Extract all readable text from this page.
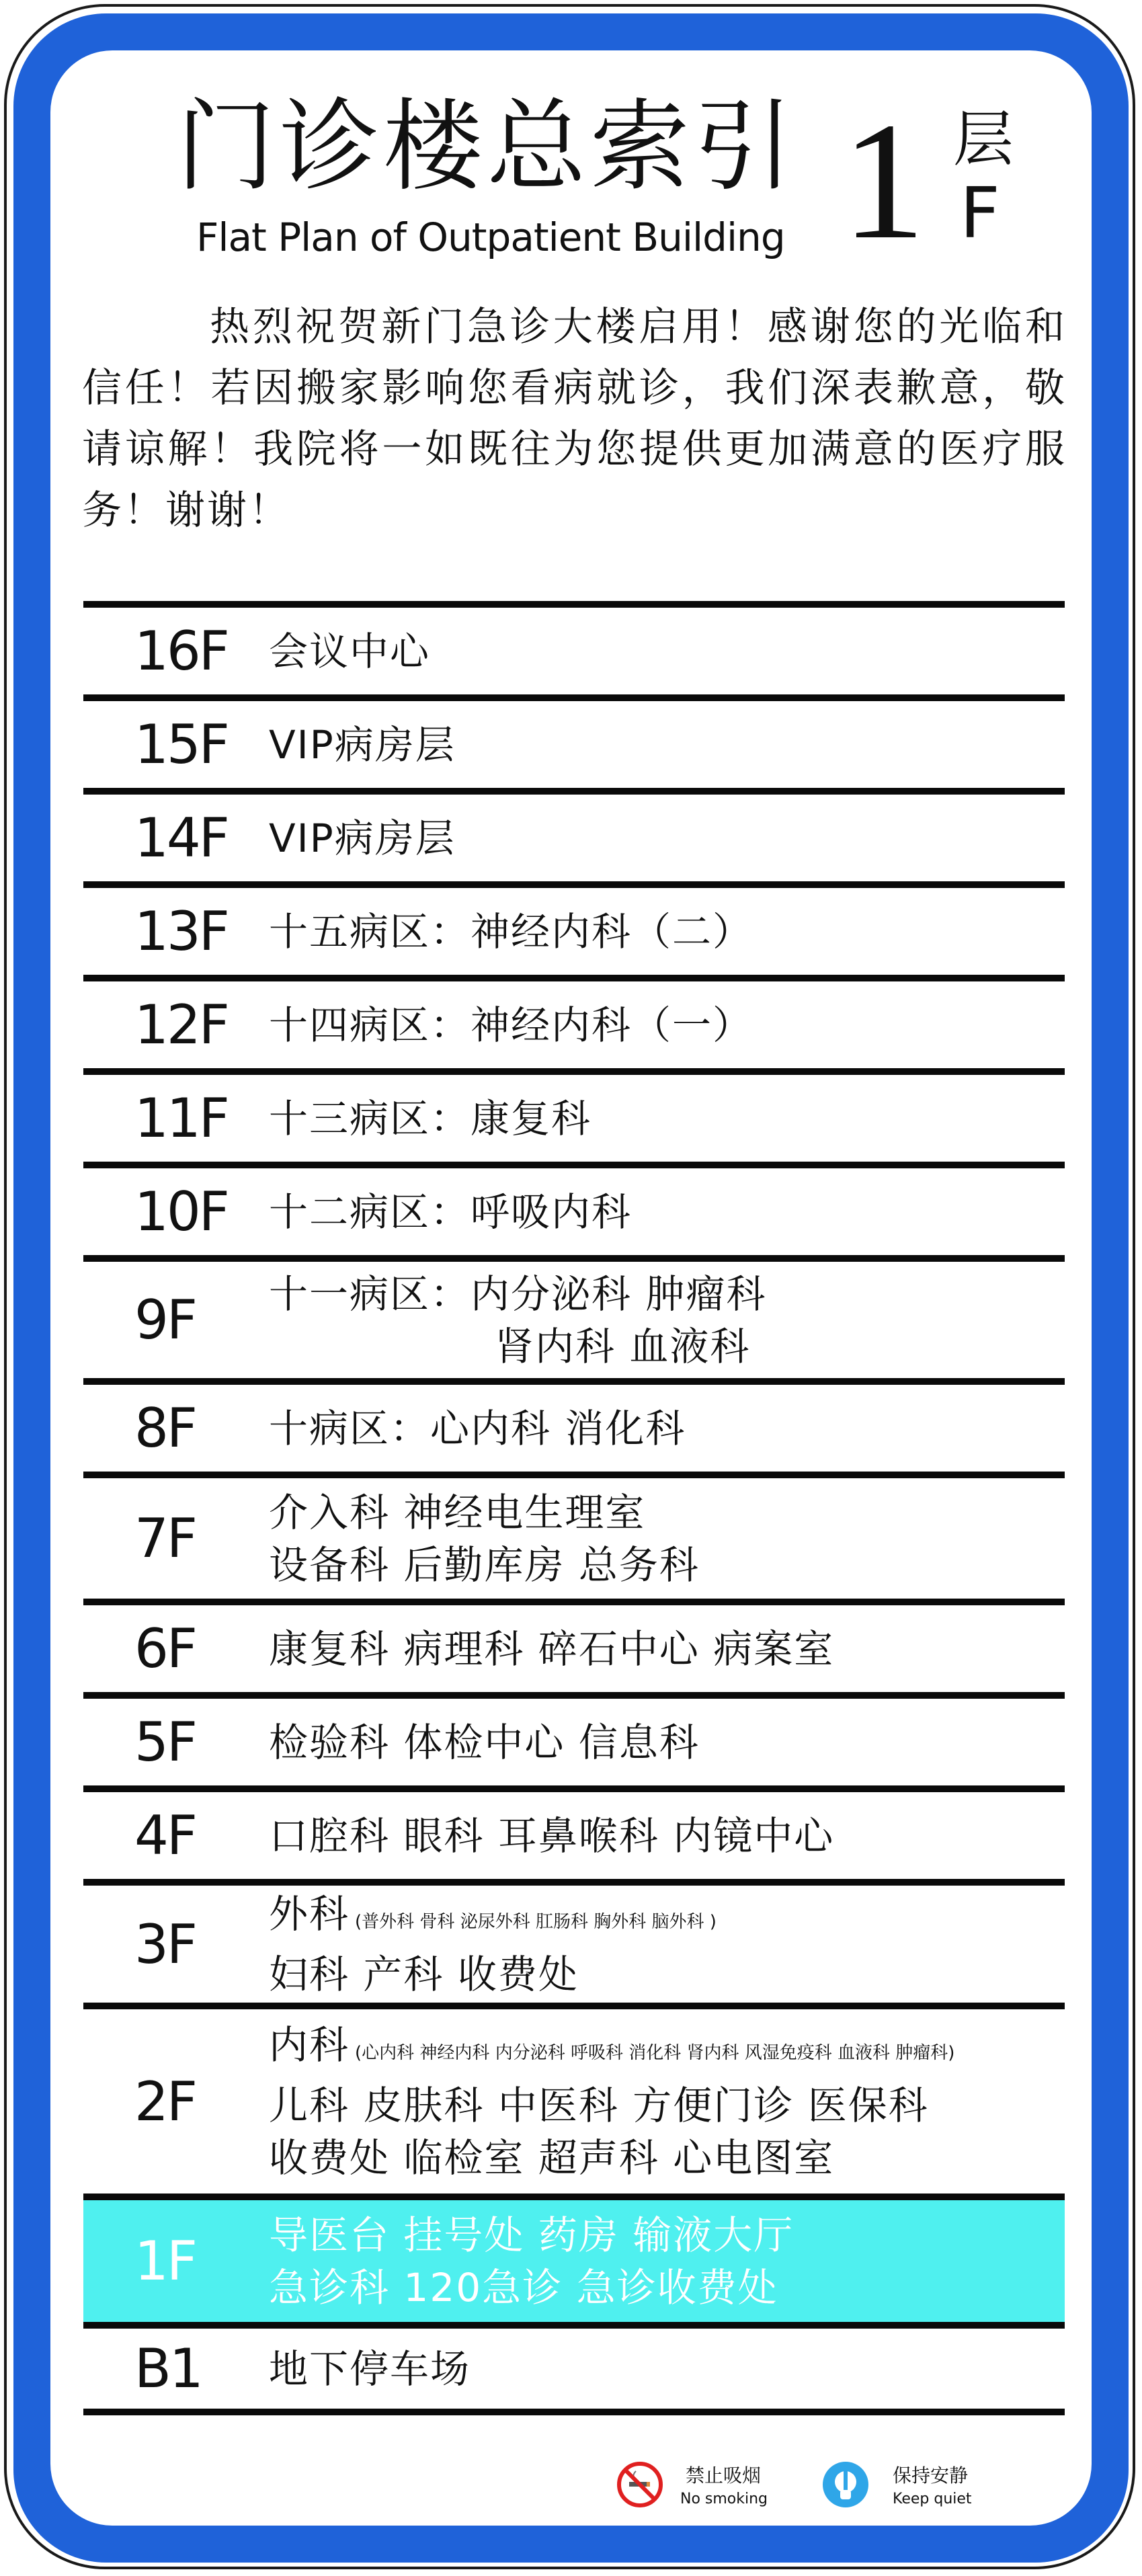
门诊楼总索引
Flat Plan of Outpatient Building 1 层
F
热烈祝贺新门急诊大楼启用！感谢您的光临和信任！若因搬家影响您看病就诊，我们深表歉意，敬请谅解！我院将一如既往为您提供更加满意的医疗服务！谢谢！
16F 会议中心
15F VIP病房层
14F VIP病房层
13F 十五病区：神经内科（二）
12F 十四病区：神经内科（一）
11F 十三病区：康复科
10F 十二病区：呼吸内科
9F 十一病区：内分泌科 肿瘤科
肾内科 血液科
8F 十病区：心内科 消化科
7F 介入科 神经电生理室
设备科 后勤库房 总务科
6F 康复科 病理科 碎石中心 病案室
5F 检验科 体检中心 信息科
4F 口腔科 眼科 耳鼻喉科 内镜中心
3F 外科 (普外科 骨科 泌尿外科 肛肠科 胸外科 脑外科 )
妇科 产科 收费处
2F
内科 (心内科 神经内科 内分泌科 呼吸科 消化科 肾内科 风湿免疫科 血液科 肿瘤科)
儿科 皮肤科 中医科 方便门诊 医保科
收费处 临检室 超声科 心电图室
1F 导医台 挂号处 药房 输液大厅
急诊科 120急诊 急诊收费处
B1 地下停车场
禁止吸烟
No smoking
保持安静
Keep quiet
